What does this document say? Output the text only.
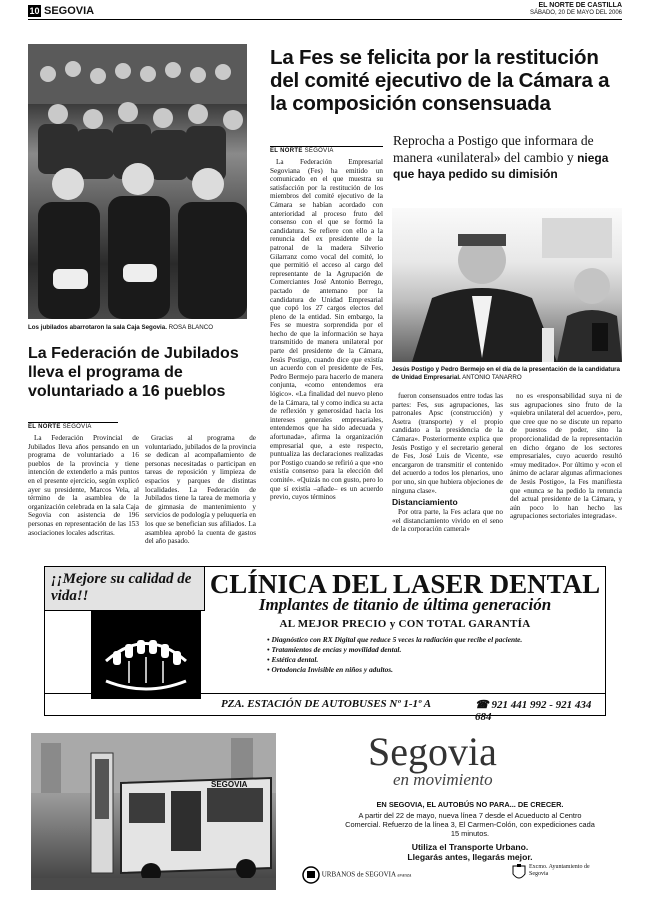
10 SEGOVIA	EL NORTE DE CASTILLA
SÁBADO, 20 DE MAYO DEL 2006
Los jubilados abarrotaron la sala Caja Segovia. ROSA BLANCO
La Fes se felicita por la restitución del comité ejecutivo de la Cámara a la composición consensuada
Reprocha a Postigo que informara de manera «unilateral» del cambio y niega que haya pedido su dimisión
Jesús Postigo y Pedro Bermejo en el día de la presentación de la candidatura de Unidad Empresarial. ANTONIO TANARRO
EL NORTE SEGOVIA

La Federación Empresarial Segoviana (Fes) ha emitido un comunicado en el que muestra su satisfacción por la restitución de los miembros del comité ejecutivo de la Cámara se habían acordado con anterioridad al proceso fruto del consenso con el que se formó la candidatura. Se refiere con ello a la renuncia del ex presidente de la patronal de la madera Silverio Gilarranz como vocal del comité, lo que permitió el acceso al cargo del representante de la Agrupación de Comerciantes José Antonio Berrego, pactado de antemano por la candidatura de Unidad Empresarial que copó los 27 cargos electos del pleno de la entidad. Sin embargo, la Fes se muestra sorprendida por el hecho de que la información se haya transmitido de manera unilateral por parte del presidente de la Cámara, Jesús Postigo, cuando dice que existía un acuerdo con el presidente de Fes, Pedro Bermejo para hacerlo de manera conjunta, «como entendemos era lógico». «La finalidad del nuevo pleno de la Cámara, tal y como indica su acta de reflexión y generosidad hacia los intereses generales empresariales, entendemos que ha sido adecuada y afortunada», afirma la organización empresarial que, a este respecto, puntualiza las declaraciones realizadas por Postigo cuando se refirió a que «no existía consenso para la elección del comité». «Quizás no con gusto, pero lo que sí existía –añade– es un acuerdo previo, cuyos términos

fueron consensuados entre todas las partes: Fes, sus agrupaciones, las patronales Apsc (construcción) y Asetra (transporte) y el propio candidato a la presidencia de la Cámara». Posteriormente explica que Jesús Postigo y el secretario general de Fes, José Luis de Vicente, «se encargaron de transmitir el contenido del acuerdo a todos los plenarios, uno por uno, sin que hubiera objeciones de ninguna clase».

Distanciamiento

Por otra parte, la Fes aclara que no «el distanciamiento vivido en el seno de la corporación cameral»

no es «responsabilidad suya ni de sus agrupaciones sino fruto de la «quiebra unilateral del acuerdo», pero, que cree que no se discute un reparto de puestos de poder, sino la proporcionalidad de la representación en dicho órgano de los sectores empresariales, cuyo acuerdo resultó «muy meditado». Por último y «con el ánimo de aclarar algunas afirmaciones de Jesús Postigo», la Fes manifiesta que «nunca se ha pedido la renuncia del actual presidente de la Cámara, y aún poco lo han hecho las agrupaciones sectoriales integradas».

La Federación de Jubilados lleva el programa de voluntariado a 16 pueblos
EL NORTE SEGOVIA

La Federación Provincial de Jubilados lleva años pensando en un programa de voluntariado a 16 pueblos de la provincia y tiene intención de extenderlo a más puntos en el presente ejercicio, según explicó ayer su presidente, Marcos Vela, al término de la asamblea de la organización celebrada en la sala Caja Segovia con asistencia de 196 personas en representación de las 153 asociaciones locales adscritas.

Gracias al programa de voluntariado, jubilados de la provincia se dedican al acompañamiento de personas necesitadas o participan en tareas de reposición y limpieza de espacios y parques de distintas localidades. La Federación de Jubilados tiene la tarea de memoria y de gimnasia de mantenimiento y servicios de podología y peluquería en los que se benefician sus afiliados. La asamblea aprobó la cuenta de gastos del año pasado.

¡¡Mejore su calidad de vida!!	CLÍNICA DEL LASER DENTAL
Implantes de titanio de última generación
AL MEJOR PRECIO y CON TOTAL GARANTÍA
• Diagnóstico con RX Digital que reduce 5 veces la radiación que recibe el paciente.
• Tratamientos de encías y movilidad dental.
• Estética dental.
• Ortodoncia Invisible en niños y adultos.
PZA. ESTACIÓN DE AUTOBUSES Nº 1-1º A	☎ 921 441 992 - 921 434 684
SEGOVIA
Segovia
en movimiento
EN SEGOVIA, EL AUTOBÚS NO PARA... DE CRECER.
A partir del 22 de mayo, nueva línea 7 desde el Acueducto al Centro Comercial. Refuerzo de la línea 3, El Carmen-Colón, con expediciones cada 15 minutos.
Utiliza el Transporte Urbano.
Llegarás antes, llegarás mejor.
URBANOS de SEGOVIA avanza
Excmo. Ayuntamiento de Segovia
